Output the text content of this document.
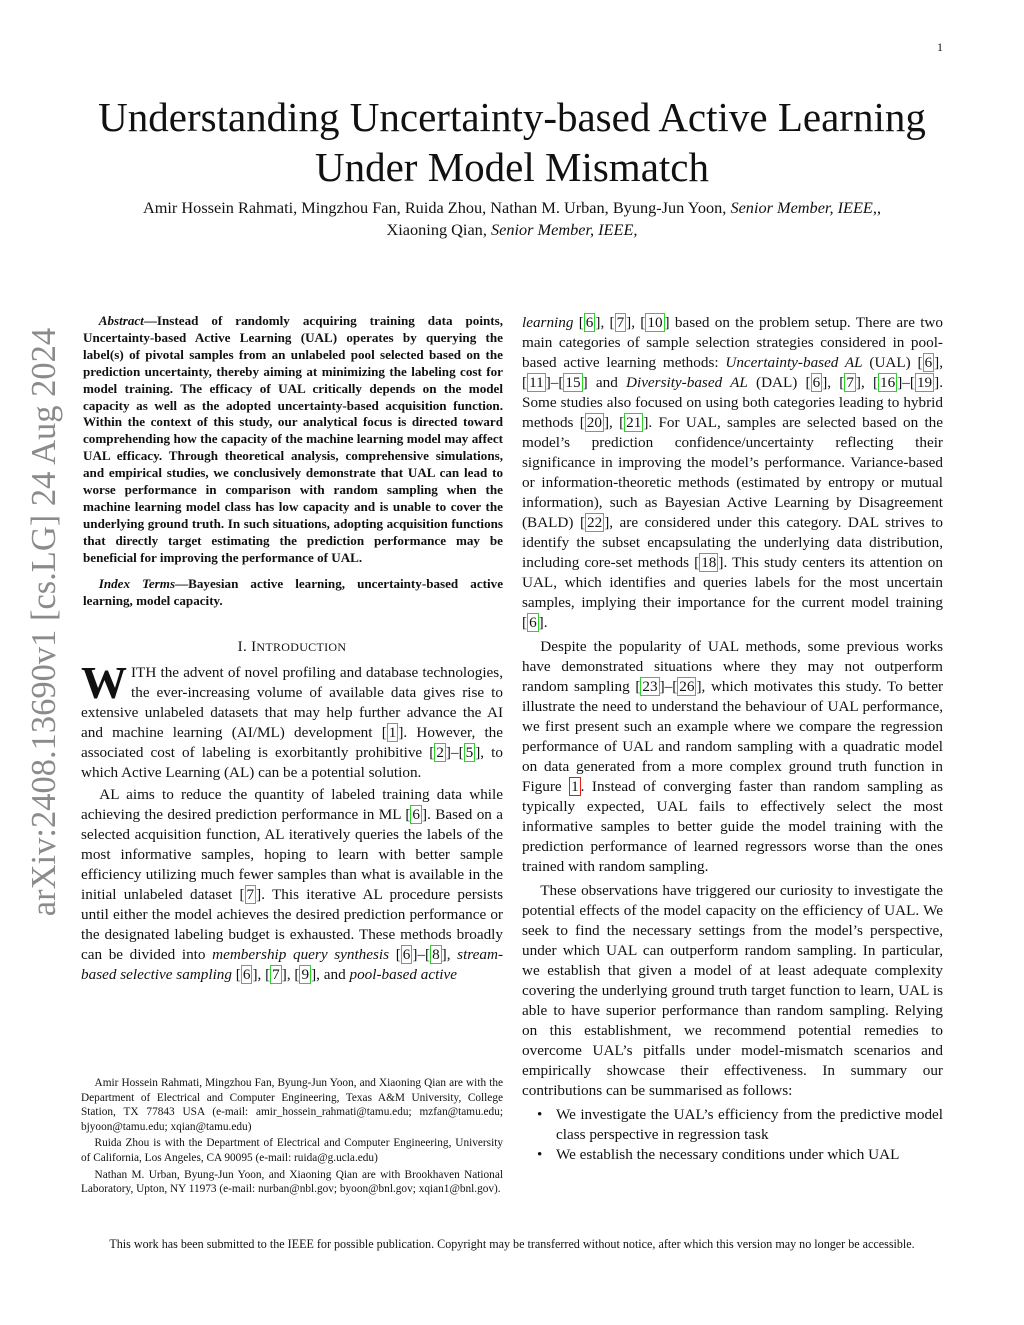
1
arXiv:2408.13690v1 [cs.LG] 24 Aug 2024
Understanding Uncertainty-based Active Learning
Under Model Mismatch
Amir Hossein Rahmati, Mingzhou Fan, Ruida Zhou, Nathan M. Urban, Byung-Jun Yoon, Senior Member, IEEE,,
Xiaoning Qian, Senior Member, IEEE,

Abstract—Instead of randomly acquiring training data points, Uncertainty-based Active Learning (UAL) operates by querying the label(s) of pivotal samples from an unlabeled pool selected based on the prediction uncertainty, thereby aiming at minimizing the labeling cost for model training. The efficacy of UAL critically depends on the model capacity as well as the adopted uncertainty-based acquisition function. Within the context of this study, our analytical focus is directed toward comprehending how the capacity of the machine learning model may affect UAL efficacy. Through theoretical analysis, comprehensive simulations, and empirical studies, we conclusively demonstrate that UAL can lead to worse performance in comparison with random sampling when the machine learning model class has low capacity and is unable to cover the underlying ground truth. In such situations, adopting acquisition functions that directly target estimating the prediction performance may be beneficial for improving the performance of UAL.

Index Terms—Bayesian active learning, uncertainty-based active learning, model capacity.
I. INTRODUCTION

WITH the advent of novel profiling and database technologies, the ever-increasing volume of available data gives rise to extensive unlabeled datasets that may help further advance the AI and machine learning (AI/ML) development [ 1 ]. However, the associated cost of labeling is exorbitantly prohibitive [ 2 ]–[ 5 ], to which Active Learning (AL) can be a potential solution.

AL aims to reduce the quantity of labeled training data while achieving the desired prediction performance in ML [ 6 ]. Based on a selected acquisition function, AL iteratively queries the labels of the most informative samples, hoping to learn with better sample efficiency utilizing much fewer samples than what is available in the initial unlabeled dataset [ 7 ]. This iterative AL procedure persists until either the model achieves the desired prediction performance or the designated labeling budget is exhausted. These methods broadly can be divided into membership query synthesis [ 6 ]–[ 8 ], stream-based selective sampling [ 6 ], [ 7 ], [ 9 ], and pool-based active

Amir Hossein Rahmati, Mingzhou Fan, Byung-Jun Yoon, and Xiaoning Qian are with the Department of Electrical and Computer Engineering, Texas A&M University, College Station, TX 77843 USA (e-mail: amir_hossein_rahmati@tamu.edu; mzfan@tamu.edu; bjyoon@tamu.edu; xqian@tamu.edu)

Ruida Zhou is with the Department of Electrical and Computer Engineering, University of California, Los Angeles, CA 90095 (e-mail: ruida@g.ucla.edu)

Nathan M. Urban, Byung-Jun Yoon, and Xiaoning Qian are with Brookhaven National Laboratory, Upton, NY 11973 (e-mail: nurban@nbl.gov; byoon@bnl.gov; xqian1@bnl.gov).

learning [ 6 ], [ 7 ], [ 10 ] based on the problem setup. There are two main categories of sample selection strategies considered in pool-based active learning methods: Uncertainty-based AL (UAL) [ 6 ], [ 11 ]–[ 15 ] and Diversity-based AL (DAL) [ 6 ], [ 7 ], [ 16 ]–[ 19 ]. Some studies also focused on using both categories leading to hybrid methods [ 20 ], [ 21 ]. For UAL, samples are selected based on the model’s prediction confidence/uncertainty reflecting their significance in improving the model’s performance. Variance-based or information-theoretic methods (estimated by entropy or mutual information), such as Bayesian Active Learning by Disagreement (BALD) [ 22 ], are considered under this category. DAL strives to identify the subset encapsulating the underlying data distribution, including core-set methods [ 18 ]. This study centers its attention on UAL, which identifies and queries labels for the most uncertain samples, implying their importance for the current model training [ 6 ].

Despite the popularity of UAL methods, some previous works have demonstrated situations where they may not outperform random sampling [ 23 ]–[ 26 ], which motivates this study. To better illustrate the need to understand the behaviour of UAL performance, we first present such an example where we compare the regression performance of UAL and random sampling with a quadratic model on data generated from a more complex ground truth function in Figure 1 . Instead of converging faster than random sampling as typically expected, UAL fails to effectively select the most informative samples to better guide the model training with the prediction performance of learned regressors worse than the ones trained with random sampling.

These observations have triggered our curiosity to investigate the potential effects of the model capacity on the efficiency of UAL. We seek to find the necessary settings from the model’s perspective, under which UAL can outperform random sampling. In particular, we establish that given a model of at least adequate complexity covering the underlying ground truth target function to learn, UAL is able to have superior performance than random sampling. Relying on this establishment, we recommend potential remedies to overcome UAL’s pitfalls under model-mismatch scenarios and empirically showcase their effectiveness. In summary our contributions can be summarised as follows:

• We investigate the UAL’s efficiency from the predictive model class perspective in regression task
• We establish the necessary conditions under which UAL
This work has been submitted to the IEEE for possible publication. Copyright may be transferred without notice, after which this version may no longer be accessible.
